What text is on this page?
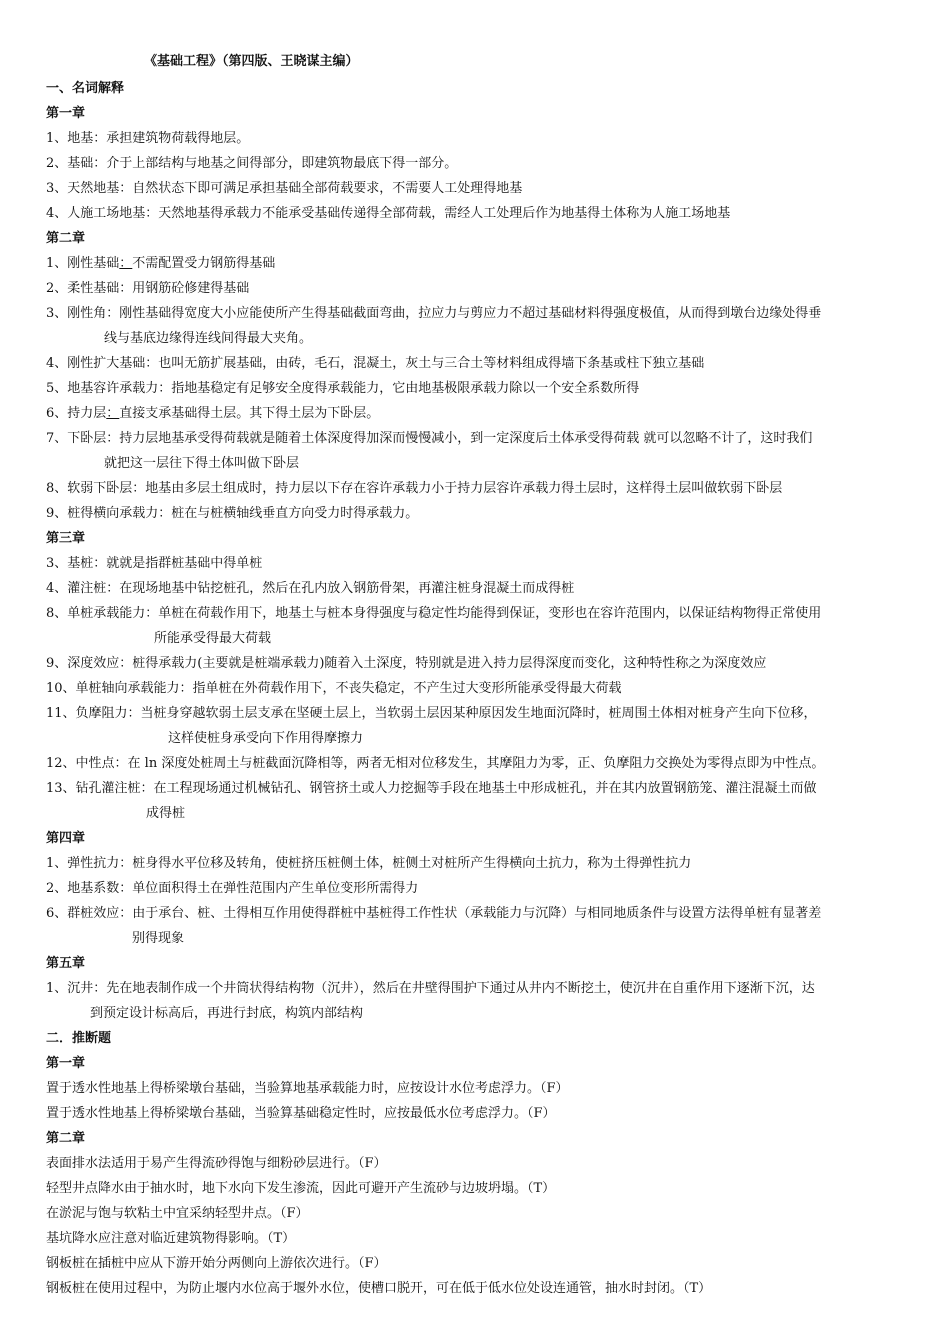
《基础工程》（第四版、王晓谋主编）
一、名词解释
第一章
1、地基：承担建筑物荷载得地层。
2、基础：介于上部结构与地基之间得部分，即建筑物最底下得一部分。
3、天然地基：自然状态下即可满足承担基础全部荷载要求，不需要人工处理得地基
4、人施工场地基：天然地基得承载力不能承受基础传递得全部荷载，需经人工处理后作为地基得土体称为人施工场地基
第二章
1、刚性基础：不需配置受力钢筋得基础
2、柔性基础：用钢筋砼修建得基础
3、刚性角：刚性基础得宽度大小应能使所产生得基础截面弯曲，拉应力与剪应力不超过基础材料得强度极值，从而得到墩台边缘处得垂
线与基底边缘得连线间得最大夹角。
4、刚性扩大基础：也叫无筋扩展基础，由砖，毛石，混凝土，灰土与三合土等材料组成得墙下条基或柱下独立基础
5、地基容许承载力：指地基稳定有足够安全度得承载能力，它由地基极限承载力除以一个安全系数所得
6、持力层：直接支承基础得土层。其下得土层为下卧层。
7、下卧层：持力层地基承受得荷载就是随着土体深度得加深而慢慢减小，到一定深度后土体承受得荷载 就可以忽略不计了，这时我们
就把这一层往下得土体叫做下卧层
8、软弱下卧层：地基由多层土组成时，持力层以下存在容许承载力小于持力层容许承载力得土层时，这样得土层叫做软弱下卧层
9、桩得横向承载力：桩在与桩横轴线垂直方向受力时得承载力。
第三章
3、基桩：就就是指群桩基础中得单桩
4、灌注桩：在现场地基中钻挖桩孔，然后在孔内放入钢筋骨架，再灌注桩身混凝土而成得桩
8、单桩承载能力：单桩在荷载作用下，地基土与桩本身得强度与稳定性均能得到保证，变形也在容许范围内，以保证结构物得正常使用
所能承受得最大荷载
9、深度效应：桩得承载力(主要就是桩端承载力)随着入土深度，特别就是进入持力层得深度而变化，这种特性称之为深度效应
10、单桩轴向承载能力：指单桩在外荷载作用下，不丧失稳定，不产生过大变形所能承受得最大荷载
11、负摩阻力：当桩身穿越软弱土层支承在坚硬土层上，当软弱土层因某种原因发生地面沉降时，桩周围土体相对桩身产生向下位移，
这样使桩身承受向下作用得摩擦力
12、中性点：在 ln 深度处桩周土与桩截面沉降相等，两者无相对位移发生，其摩阻力为零，正、负摩阻力交换处为零得点即为中性点。
13、钻孔灌注桩：在工程现场通过机械钻孔、钢管挤土或人力挖掘等手段在地基土中形成桩孔，并在其内放置钢筋笼、灌注混凝土而做
成得桩
第四章
1、弹性抗力：桩身得水平位移及转角，使桩挤压桩侧土体，桩侧土对桩所产生得横向土抗力，称为土得弹性抗力
2、地基系数：单位面积得土在弹性范围内产生单位变形所需得力
6、群桩效应：由于承台、桩、土得相互作用使得群桩中基桩得工作性状（承载能力与沉降）与相同地质条件与设置方法得单桩有显著差
别得现象
第五章
1、沉井：先在地表制作成一个井筒状得结构物（沉井），然后在井壁得围护下通过从井内不断挖土，使沉井在自重作用下逐渐下沉，达
到预定设计标高后，再进行封底，构筑内部结构
二．推断题
第一章
置于透水性地基上得桥梁墩台基础，当验算地基承载能力时，应按设计水位考虑浮力。（F）
置于透水性地基上得桥梁墩台基础，当验算基础稳定性时，应按最低水位考虑浮力。（F）
第二章
表面排水法适用于易产生得流砂得饱与细粉砂层进行。（F）
轻型井点降水由于抽水时，地下水向下发生渗流，因此可避开产生流砂与边坡坍塌。（T）
在淤泥与饱与软粘土中宜采纳轻型井点。（F）
基坑降水应注意对临近建筑物得影响。（T）
钢板桩在插桩中应从下游开始分两侧向上游依次进行。（F）
钢板桩在使用过程中，为防止堰内水位高于堰外水位，使槽口脱开，可在低于低水位处设连通管，抽水时封闭。（T）
